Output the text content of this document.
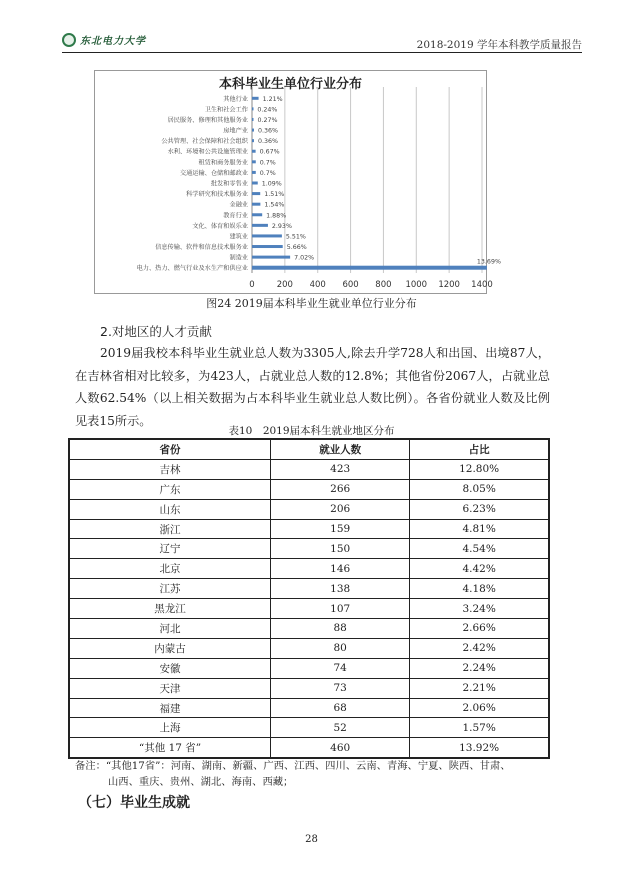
东北电力大学	2018-2019 学年本科教学质量报告
本科毕业生单位行业分布
0	200 400 600 800 1000 1200 1400
其他行业 1.21%
卫生和社会工作 0.24%
居民服务、修理和其他服务业 0.27%
房地产业 0.36%
公共管理、社会保障和社会组织 0.36%
水利、环境和公共设施管理业 0.67%
租赁和商务服务业 0.7%
交通运输、仓储和邮政业 0.7%
批发和零售业 1.09%
科学研究和技术服务业	1.51%
金融业	1.54%
教育行业	1.88%
文化、体育和娱乐业	2.93%
建筑业	5.51%
信息传输、软件和信息技术服务业	5.66%
制造业	7.02%
电力、热力、燃气行业及水生产和供应业
13.69%
图24 2019届本科毕业生就业单位行业分布
2.对地区的人才贡献
2019届我校本科毕业生就业总人数为3305人,除去升学728人和出国、出境87人，在吉林省相对比较多，为423人，占就业总人数的12.8%；其他省份2067人，占就业总人数62.54%（以上相关数据为占本科毕业生就业总人数比例）。各省份就业人数及比例见表15所示。
表10　2019届本科生就业地区分布
省份	就业人数	占比
吉林	423	12.80%
广东	266	8.05%
山东	206	6.23%
浙江	159	4.81%
辽宁	150	4.54%
北京	146	4.42%
江苏	138	4.18%
黑龙江	107	3.24%
河北	88	2.66%
内蒙古	80	2.42%
安徽	74	2.24%
天津	73	2.21%
福建	68	2.06%
上海	52	1.57%
“其他 17 省”	460	13.92%
备注：“其他17省”：河南、湖南、新疆、广西、江西、四川、云南、青海、宁夏、陕西、甘肃、
山西、重庆、贵州、湖北、海南、西藏；
（七）毕业生成就
28
